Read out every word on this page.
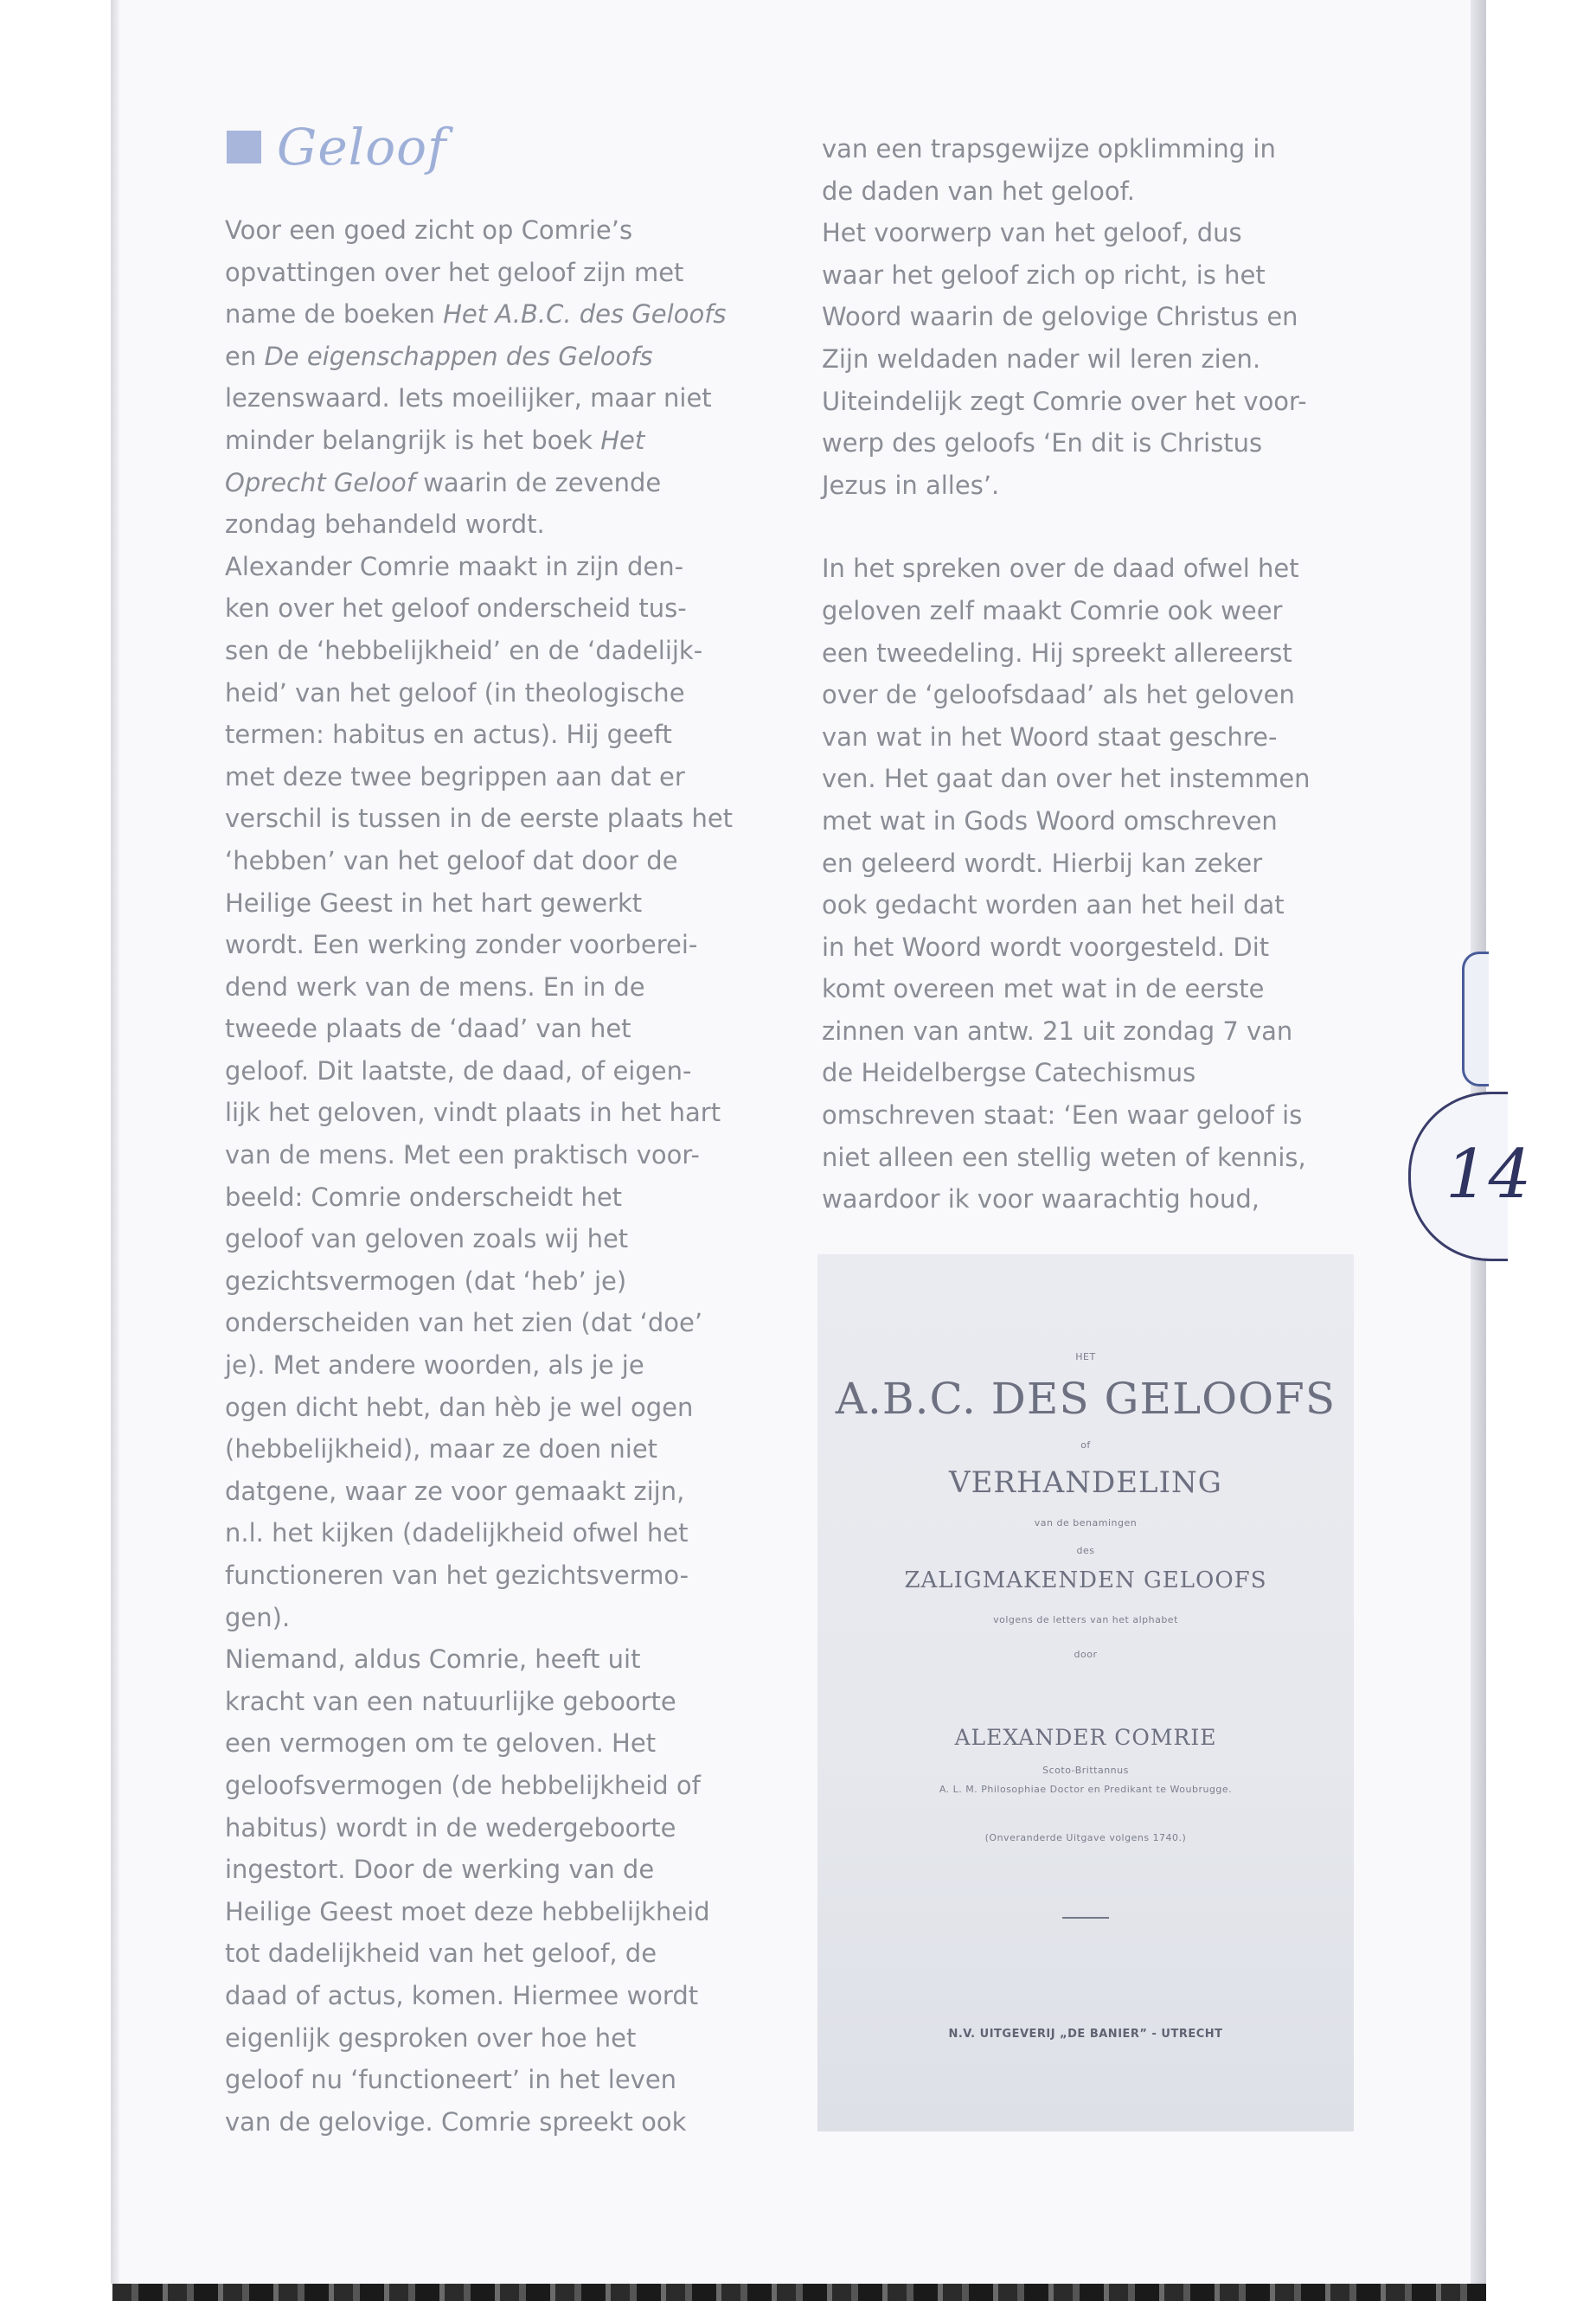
Geloof

Voor een goed zicht op Comrie’s
opvattingen over het geloof zijn met
name de boeken Het A.B.C. des Geloofs
en De eigenschappen des Geloofs
lezenswaard. Iets moeilijker, maar niet
minder belangrijk is het boek Het
Oprecht Geloof waarin de zevende
zondag behandeld wordt.

Alexander Comrie maakt in zijn den-
ken over het geloof onderscheid tus-
sen de ‘hebbelijkheid’ en de ‘dadelijk-
heid’ van het geloof (in theologische
termen: habitus en actus). Hij geeft
met deze twee begrippen aan dat er
verschil is tussen in de eerste plaats het
‘hebben’ van het geloof dat door de
Heilige Geest in het hart gewerkt
wordt. Een werking zonder voorberei-
dend werk van de mens. En in de
tweede plaats de ‘daad’ van het
geloof. Dit laatste, de daad, of eigen-
lijk het geloven, vindt plaats in het hart
van de mens. Met een praktisch voor-
beeld: Comrie onderscheidt het
geloof van geloven zoals wij het
gezichtsvermogen (dat ‘heb’ je)
onderscheiden van het zien (dat ‘doe’
je). Met andere woorden, als je je
ogen dicht hebt, dan hèb je wel ogen
(hebbelijkheid), maar ze doen niet
datgene, waar ze voor gemaakt zijn,
n.l. het kijken (dadelijkheid ofwel het
functioneren van het gezichtsvermo-
gen).

Niemand, aldus Comrie, heeft uit
kracht van een natuurlijke geboorte
een vermogen om te geloven. Het
geloofsvermogen (de hebbelijkheid of
habitus) wordt in de wedergeboorte
ingestort. Door de werking van de
Heilige Geest moet deze hebbelijkheid
tot dadelijkheid van het geloof, de
daad of actus, komen. Hiermee wordt
eigenlijk gesproken over hoe het
geloof nu ‘functioneert’ in het leven
van de gelovige. Comrie spreekt ook

van een trapsgewijze opklimming in
de daden van het geloof.

Het voorwerp van het geloof, dus
waar het geloof zich op richt, is het
Woord waarin de gelovige Christus en
Zijn weldaden nader wil leren zien.
Uiteindelijk zegt Comrie over het voor-
werp des geloofs ‘En dit is Christus
Jezus in alles’.

In het spreken over de daad ofwel het
geloven zelf maakt Comrie ook weer
een tweedeling. Hij spreekt allereerst
over de ‘geloofsdaad’ als het geloven
van wat in het Woord staat geschre-
ven. Het gaat dan over het instemmen
met wat in Gods Woord omschreven
en geleerd wordt. Hierbij kan zeker
ook gedacht worden aan het heil dat
in het Woord wordt voorgesteld. Dit
komt overeen met wat in de eerste
zinnen van antw. 21 uit zondag 7 van
de Heidelbergse Catechismus
omschreven staat: ‘Een waar geloof is
niet alleen een stellig weten of kennis,
waardoor ik voor waarachtig houd,	14
HET
A.B.C. DES GELOOFS
of
VERHANDELING
van de benamingen
des
ZALIGMAKENDEN GELOOFS
volgens de letters van het alphabet
door
ALEXANDER COMRIE
Scoto-Brittannus
A. L. M. Philosophiae Doctor en Predikant te Woubrugge.
(Onveranderde Uitgave volgens 1740.)
N.V. UITGEVERIJ „DE BANIER” - UTRECHT
